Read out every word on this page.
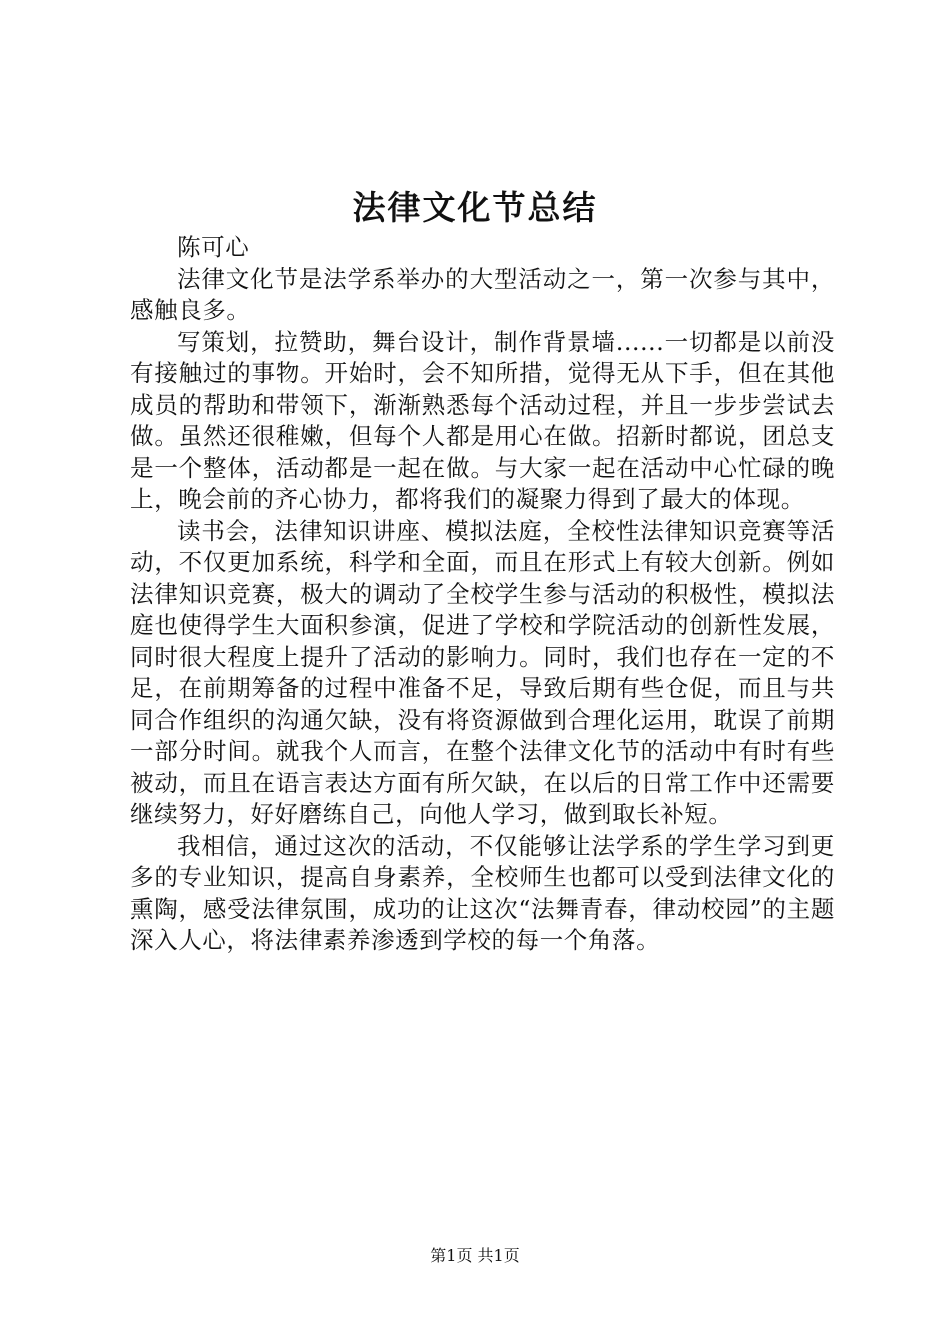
法律文化节总结

陈可心

法律文化节是法学系举办的大型活动之一，第一次参与其中，感触良多。

写策划，拉赞助，舞台设计，制作背景墙......一切都是以前没有接触过的事物。开始时，会不知所措，觉得无从下手，但在其他成员的帮助和带领下，渐渐熟悉每个活动过程，并且一步步尝试去做。虽然还很稚嫩，但每个人都是用心在做。招新时都说，团总支是一个整体，活动都是一起在做。与大家一起在活动中心忙碌的晚上，晚会前的齐心协力，都将我们的凝聚力得到了最大的体现。

读书会，法律知识讲座、模拟法庭，全校性法律知识竞赛等活动，不仅更加系统，科学和全面，而且在形式上有较大创新。例如法律知识竞赛，极大的调动了全校学生参与活动的积极性，模拟法庭也使得学生大面积参演，促进了学校和学院活动的创新性发展，同时很大程度上提升了活动的影响力。同时，我们也存在一定的不足，在前期筹备的过程中准备不足，导致后期有些仓促，而且与共同合作组织的沟通欠缺，没有将资源做到合理化运用，耽误了前期一部分时间。就我个人而言，在整个法律文化节的活动中有时有些被动，而且在语言表达方面有所欠缺，在以后的日常工作中还需要继续努力，好好磨练自己，向他人学习，做到取长补短。

我相信，通过这次的活动，不仅能够让法学系的学生学习到更多的专业知识，提高自身素养，全校师生也都可以受到法律文化的熏陶，感受法律氛围，成功的让这次“法舞青春，律动校园”的主题深入人心，将法律素养渗透到学校的每一个角落。

第1页 共1页
